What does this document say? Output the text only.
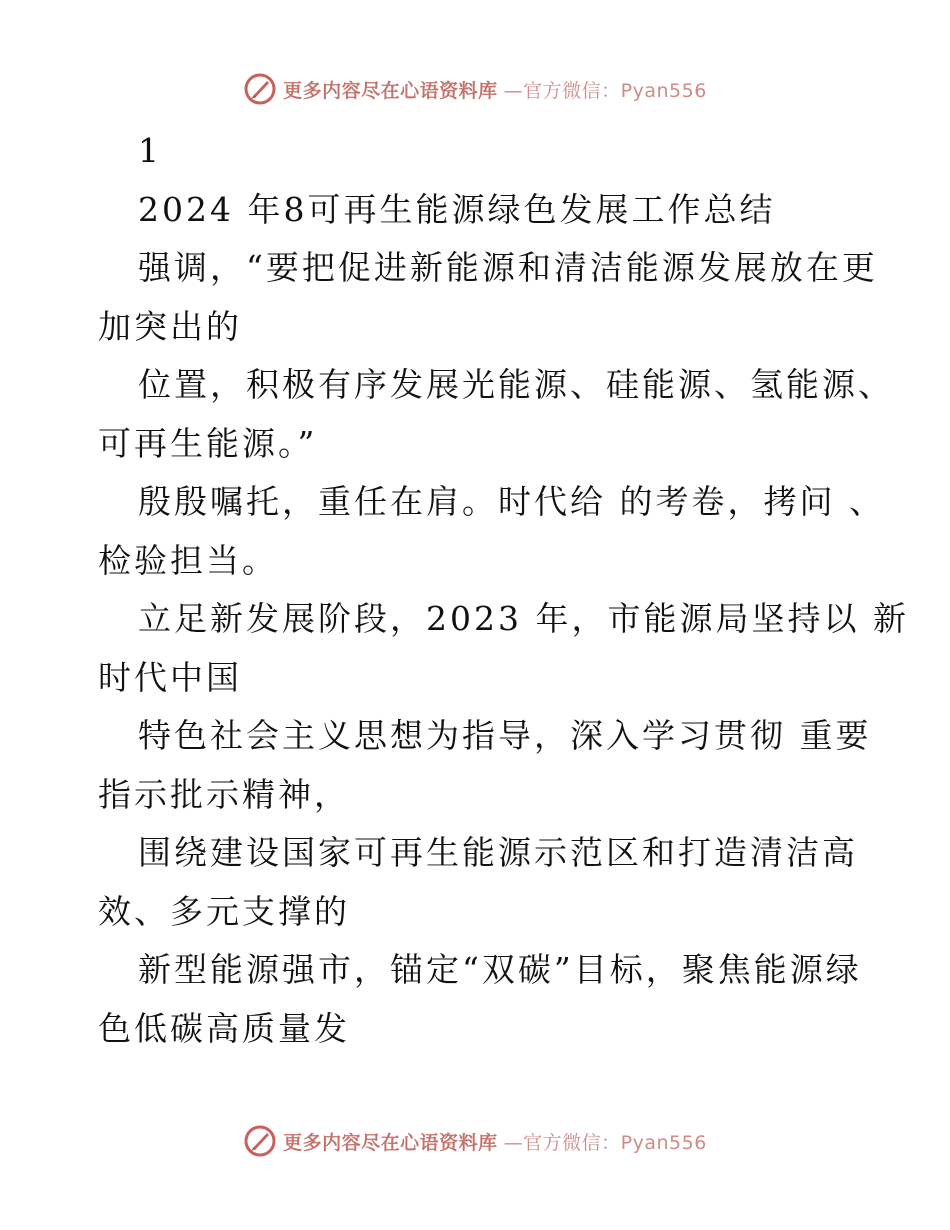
更多内容尽在心语资料库 —官方微信：Pyan556
1
2024 年8可再生能源绿色发展工作总结
强调，“要把促进新能源和清洁能源发展放在更
加突出的
位置，积极有序发展光能源、硅能源、氢能源、
可再生能源。”
殷殷嘱托，重任在肩。时代给 的考卷，拷问 、
检验担当。
立足新发展阶段，2023 年，市能源局坚持以 新
时代中国
特色社会主义思想为指导，深入学习贯彻 重要
指示批示精神，
围绕建设国家可再生能源示范区和打造清洁高
效、多元支撑的
新型能源强市，锚定“双碳”目标，聚焦能源绿
色低碳高质量发
更多内容尽在心语资料库 —官方微信：Pyan556
